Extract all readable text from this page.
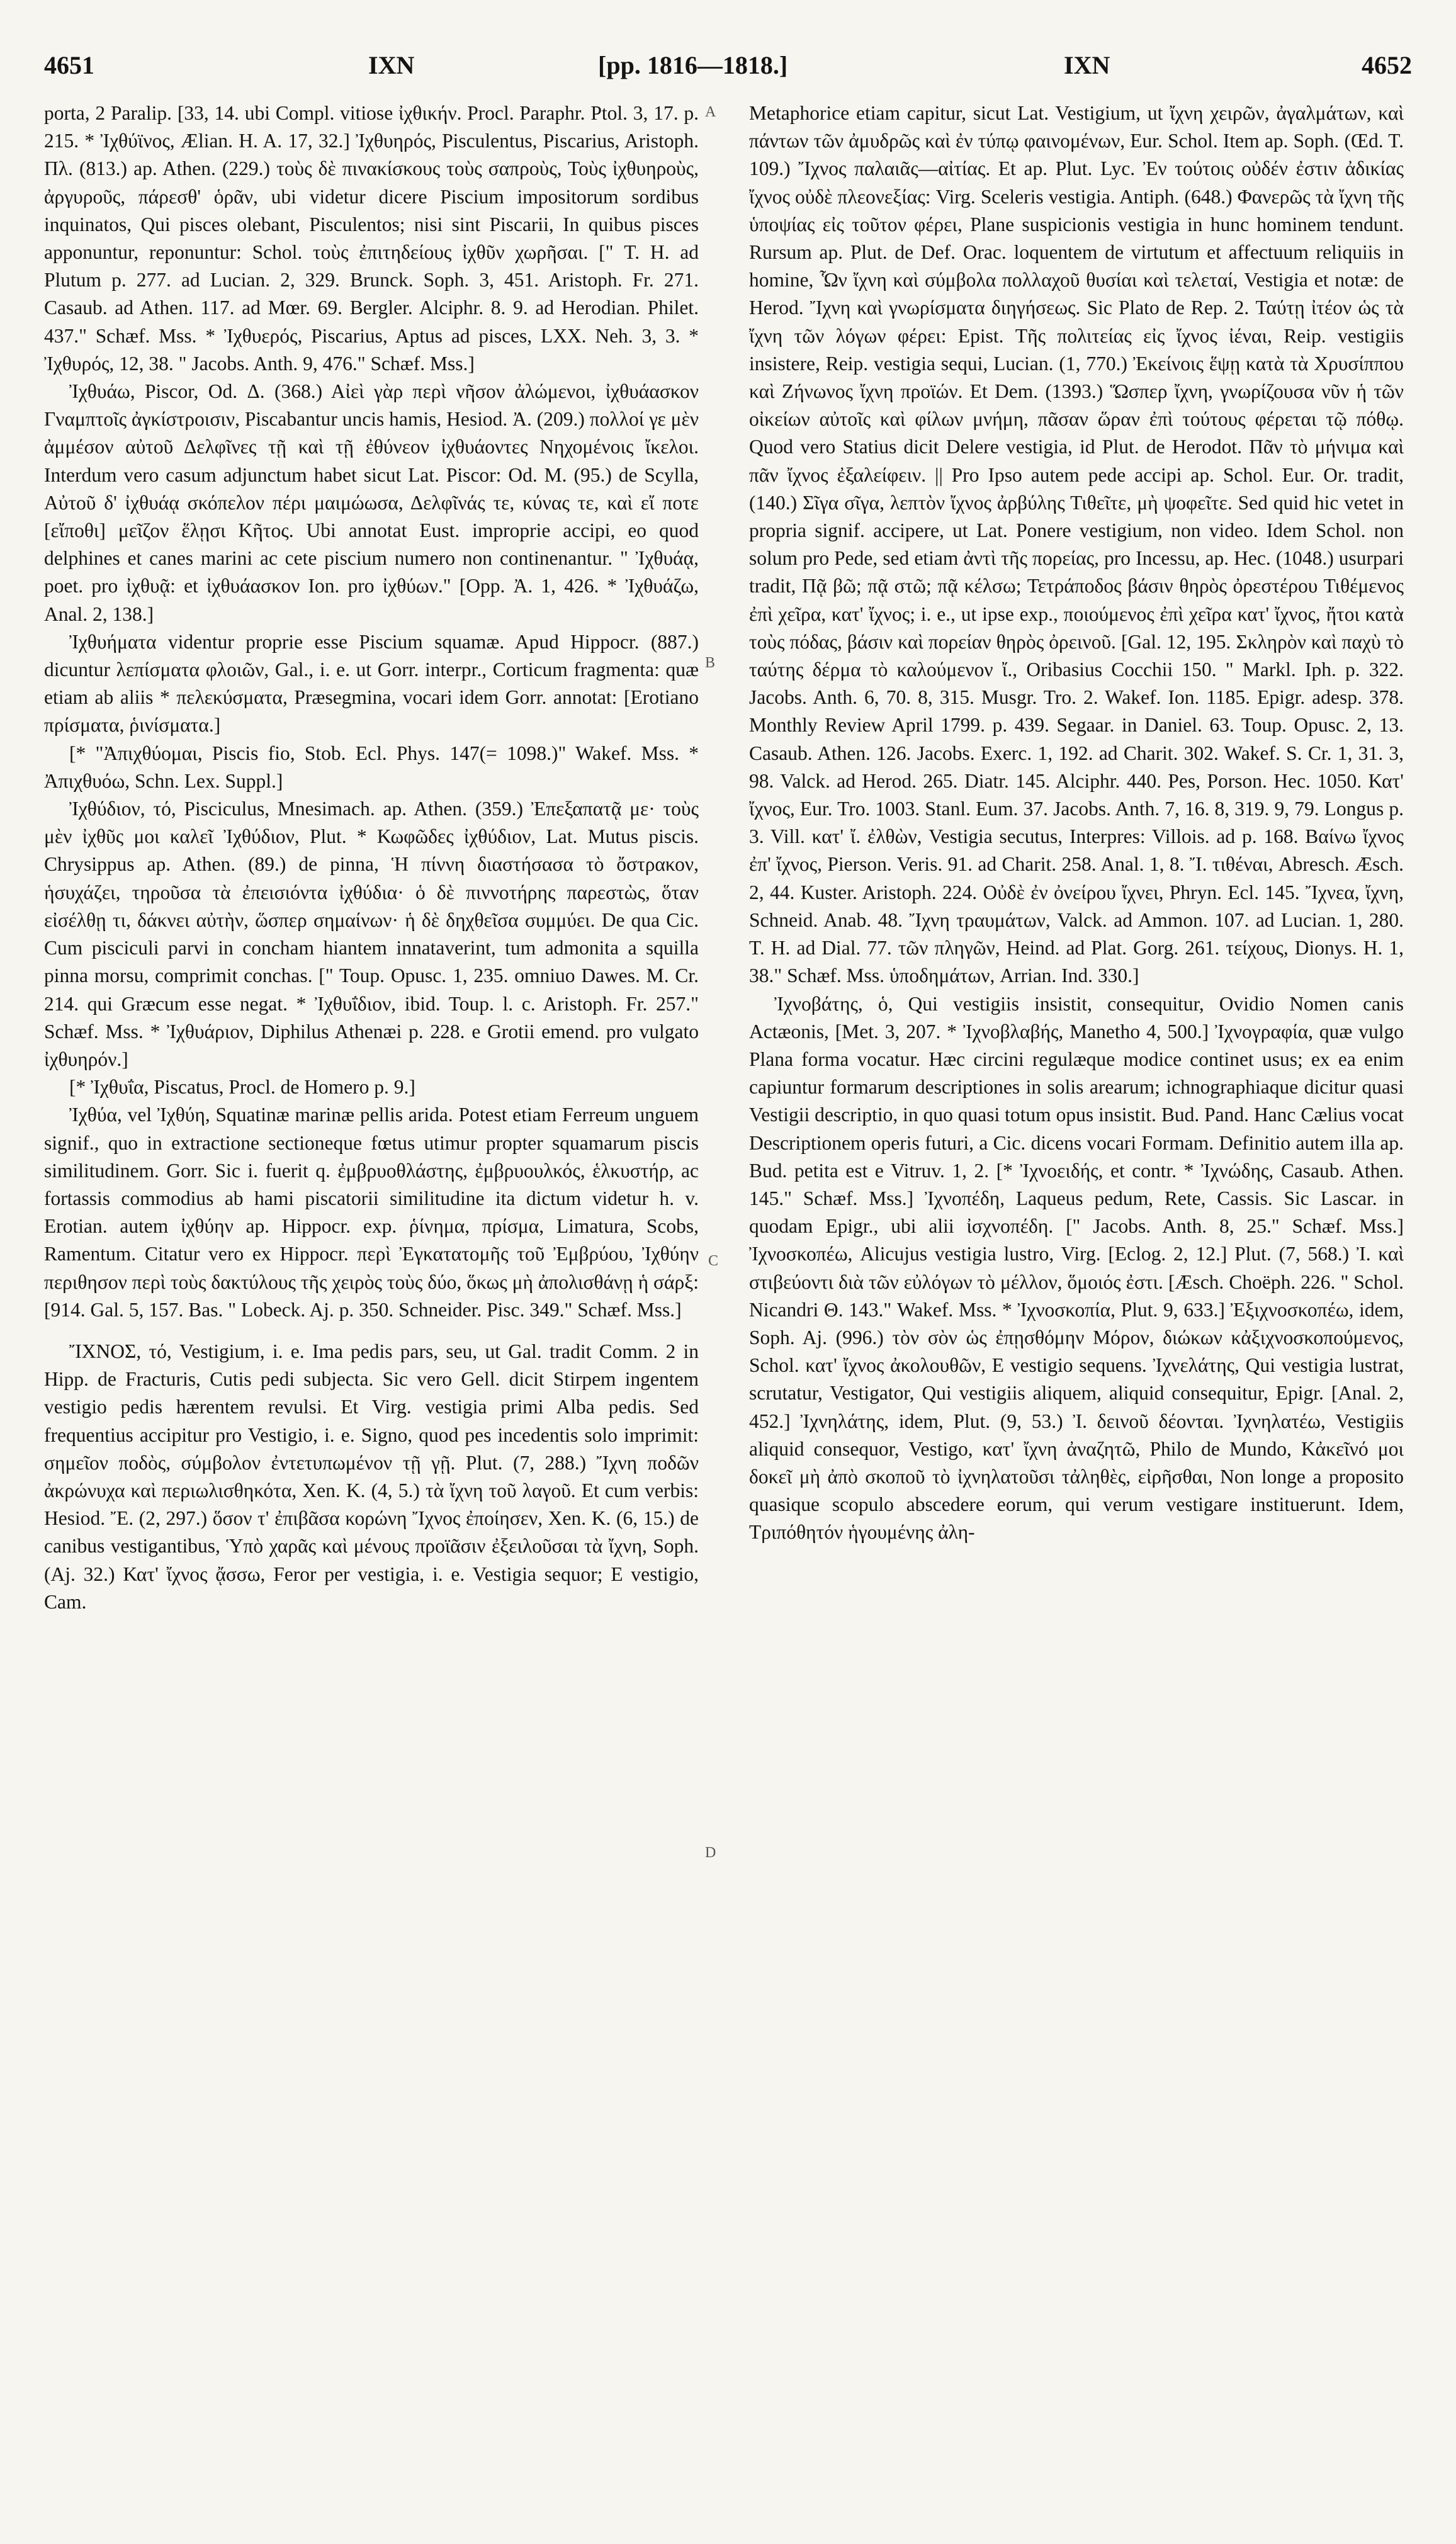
4651	ΙΧΝ	[pp. 1816—1818.]	ΙΧΝ	4652
A
B
C
D

porta, 2 Paralip. [33, 14. ubi Compl. vitiose ἰχθικήν. Procl. Paraphr. Ptol. 3, 17. p. 215. * Ἰχθύϊνος, Ælian. H. A. 17, 32.] Ἰχθυηρός, Pisculentus, Piscarius, Aristoph. Πλ. (813.) ap. Athen. (229.) τοὺς δὲ πινακίσκους τοὺς σαπροὺς, Τοὺς ἰχθυηροὺς, ἀργυροῦς, πάρεσθ' ὁρᾶν, ubi videtur dicere Piscium impositorum sordibus inquinatos, Qui pisces olebant, Pisculentos; nisi sint Piscarii, In quibus pisces apponuntur, reponuntur: Schol. τοὺς ἐπιτηδείους ἰχθῦν χωρῆσαι. [" T. H. ad Plutum p. 277. ad Lucian. 2, 329. Brunck. Soph. 3, 451. Aristoph. Fr. 271. Casaub. ad Athen. 117. ad Mœr. 69. Bergler. Alciphr. 8. 9. ad Herodian. Philet. 437." Schæf. Mss. * Ἰχθυερός, Piscarius, Aptus ad pisces, LXX. Neh. 3, 3. * Ἰχθυρός, 12, 38. " Jacobs. Anth. 9, 476." Schæf. Mss.]

Ἰχθυάω, Piscor, Od. Δ. (368.) Αἰεὶ γὰρ περὶ νῆσον ἀλώμενοι, ἰχθυάασκον Γναμπτοῖς ἀγκίστροισιν, Piscabantur uncis hamis, Hesiod. Ἀ. (209.) πολλοί γε μὲν ἀμμέσον αὐτοῦ Δελφῖνες τῇ καὶ τῇ ἐθύνεον ἰχθυάοντες Νηχομένοις ἴκελοι. Interdum vero casum adjunctum habet sicut Lat. Piscor: Od. M. (95.) de Scylla, Αὐτοῦ δ' ἰχθυάᾳ σκόπελον πέρι μαιμώωσα, Δελφῖνάς τε, κύνας τε, καὶ εἴ ποτε [εἴποθι] μεῖζον ἕλῃσι Κῆτος. Ubi annotat Eust. improprie accipi, eo quod delphines et canes marini ac cete piscium numero non continenantur. " Ἰχθυάᾳ, poet. pro ἰχθυᾷ: et ἰχθυάασκον Ion. pro ἰχθύων." [Opp. Ἀ. 1, 426. * Ἰχθυάζω, Anal. 2, 138.]

Ἰχθυήματα videntur proprie esse Piscium squamæ. Apud Hippocr. (887.) dicuntur λεπίσματα φλοιῶν, Gal., i. e. ut Gorr. interpr., Corticum fragmenta: quæ etiam ab aliis * πελεκύσματα, Præsegmina, vocari idem Gorr. annotat: [Erotiano πρίσματα, ῥινίσματα.]

[* "Ἀπιχθύομαι, Piscis fio, Stob. Ecl. Phys. 147(= 1098.)" Wakef. Mss. * Ἀπιχθυόω, Schn. Lex. Suppl.]

Ἰχθύδιον, τό, Pisciculus, Mnesimach. ap. Athen. (359.) Ἐπεξαπατᾷ με· τοὺς μὲν ἰχθῦς μοι καλεῖ Ἰχθύδιον, Plut. * Κωφῶδες ἰχθύδιον, Lat. Mutus piscis. Chrysippus ap. Athen. (89.) de pinna, Ἡ πίννη διαστήσασα τὸ ὄστρακον, ἡσυχάζει, τηροῦσα τὰ ἐπεισιόντα ἰχθύδια· ὁ δὲ πιννοτήρης παρεστὼς, ὅταν εἰσέλθῃ τι, δάκνει αὐτὴν, ὥσπερ σημαίνων· ἡ δὲ δηχθεῖσα συμμύει. De qua Cic. Cum pisciculi parvi in concham hiantem innataverint, tum admonita a squilla pinna morsu, comprimit conchas. [" Toup. Opusc. 1, 235. omniuo Dawes. M. Cr. 214. qui Græcum esse negat. * Ἰχθυΐδιον, ibid. Toup. l. c. Aristoph. Fr. 257." Schæf. Mss. * Ἰχθυάριον, Diphilus Athenæi p. 228. e Grotii emend. pro vulgato ἰχθυηρόν.]

[* Ἰχθυΐα, Piscatus, Procl. de Homero p. 9.]

Ἰχθύα, vel Ἰχθύη, Squatinæ marinæ pellis arida. Potest etiam Ferreum unguem signif., quo in extractione sectioneque fœtus utimur propter squamarum piscis similitudinem. Gorr. Sic i. fuerit q. ἐμβρυοθλάστης, ἐμβρυουλκός, ἑλκυστήρ, ac fortassis commodius ab hami piscatorii similitudine ita dictum videtur h. v. Erotian. autem ἰχθύην ap. Hippocr. exp. ῥίνημα, πρίσμα, Limatura, Scobs, Ramentum. Citatur vero ex Hippocr. περὶ Ἐγκατατομῆς τοῦ Ἐμβρύου, Ἰχθύην περιθησον περὶ τοὺς δακτύλους τῆς χειρὸς τοὺς δύο, ὅκως μὴ ἀπολισθάνῃ ἡ σάρξ: [914. Gal. 5, 157. Bas. " Lobeck. Aj. p. 350. Schneider. Pisc. 349." Schæf. Mss.]

ἼΧΝΟΣ, τό, Vestigium, i. e. Ima pedis pars, seu, ut Gal. tradit Comm. 2 in Hipp. de Fracturis, Cutis pedi subjecta. Sic vero Gell. dicit Stirpem ingentem vestigio pedis hærentem revulsi. Et Virg. vestigia primi Alba pedis. Sed frequentius accipitur pro Vestigio, i. e. Signo, quod pes incedentis solo imprimit: σημεῖον ποδὸς, σύμβολον ἐντετυπωμένον τῇ γῇ. Plut. (7, 288.) Ἴχνη ποδῶν ἀκρώνυχα καὶ περιωλισθηκότα, Xen. K. (4, 5.) τὰ ἴχνη τοῦ λαγοῦ. Et cum verbis: Hesiod. Ἔ. (2, 297.) ὅσον τ' ἐπιβᾶσα κορώνη Ἴχνος ἐποίησεν, Xen. K. (6, 15.) de canibus vestigantibus, Ὑπὸ χαρᾶς καὶ μένους προϊᾶσιν ἐξειλοῦσαι τὰ ἴχνη, Soph. (Aj. 32.) Κατ' ἴχνος ᾄσσω, Feror per vestigia, i. e. Vestigia sequor; E vestigio, Cam.

Metaphorice etiam capitur, sicut Lat. Vestigium, ut ἴχνη χειρῶν, ἀγαλμάτων, καὶ πάντων τῶν ἀμυδρῶς καὶ ἐν τύπῳ φαινομένων, Eur. Schol. Item ap. Soph. (Œd. T. 109.) Ἴχνος παλαιᾶς—αἰτίας. Et ap. Plut. Lyc. Ἐν τούτοις οὐδέν ἐστιν ἀδικίας ἴχνος οὐδὲ πλεονεξίας: Virg. Sceleris vestigia. Antiph. (648.) Φανερῶς τὰ ἴχνη τῆς ὑποψίας εἰς τοῦτον φέρει, Plane suspicionis vestigia in hunc hominem tendunt. Rursum ap. Plut. de Def. Orac. loquentem de virtutum et affectuum reliquiis in homine, Ὧν ἴχνη καὶ σύμβολα πολλαχοῦ θυσίαι καὶ τελεταί, Vestigia et notæ: de Herod. Ἴχνη καὶ γνωρίσματα διηγήσεως. Sic Plato de Rep. 2. Ταύτῃ ἰτέον ὡς τὰ ἴχνη τῶν λόγων φέρει: Epist. Τῆς πολιτείας εἰς ἴχνος ἰέναι, Reip. vestigiis insistere, Reip. vestigia sequi, Lucian. (1, 770.) Ἐκείνοις ἕψῃ κατὰ τὰ Χρυσίππου καὶ Ζήνωνος ἴχνη προϊών. Et Dem. (1393.) Ὥσπερ ἴχνη, γνωρίζουσα νῦν ἡ τῶν οἰκείων αὐτοῖς καὶ φίλων μνήμη, πᾶσαν ὥραν ἐπὶ τούτους φέρεται τῷ πόθῳ. Quod vero Statius dicit Delere vestigia, id Plut. de Herodot. Πᾶν τὸ μήνιμα καὶ πᾶν ἴχνος ἐξαλείφειν. || Pro Ipso autem pede accipi ap. Schol. Eur. Or. tradit, (140.) Σῖγα σῖγα, λεπτὸν ἴχνος ἀρβύλης Τιθεῖτε, μὴ ψοφεῖτε. Sed quid hic vetet in propria signif. accipere, ut Lat. Ponere vestigium, non video. Idem Schol. non solum pro Pede, sed etiam ἀντὶ τῆς πορείας, pro Incessu, ap. Hec. (1048.) usurpari tradit, Πᾷ βῶ; πᾷ στῶ; πᾷ κέλσω; Τετράποδος βάσιν θηρὸς ὀρεστέρου Τιθέμενος ἐπὶ χεῖρα, κατ' ἴχνος; i. e., ut ipse exp., ποιούμενος ἐπὶ χεῖρα κατ' ἴχνος, ἤτοι κατὰ τοὺς πόδας, βάσιν καὶ πορείαν θηρὸς ὀρεινοῦ. [Gal. 12, 195. Σκληρὸν καὶ παχὺ τὸ ταύτης δέρμα τὸ καλούμενον ἴ., Oribasius Cocchii 150. " Markl. Iph. p. 322. Jacobs. Anth. 6, 70. 8, 315. Musgr. Tro. 2. Wakef. Ion. 1185. Epigr. adesp. 378. Monthly Review April 1799. p. 439. Segaar. in Daniel. 63. Toup. Opusc. 2, 13. Casaub. Athen. 126. Jacobs. Exerc. 1, 192. ad Charit. 302. Wakef. S. Cr. 1, 31. 3, 98. Valck. ad Herod. 265. Diatr. 145. Alciphr. 440. Pes, Porson. Hec. 1050. Κατ' ἴχνος, Eur. Tro. 1003. Stanl. Eum. 37. Jacobs. Anth. 7, 16. 8, 319. 9, 79. Longus p. 3. Vill. κατ' ἴ. ἐλθὼν, Vestigia secutus, Interpres: Villois. ad p. 168. Βαίνω ἴχνος ἐπ' ἴχνος, Pierson. Veris. 91. ad Charit. 258. Anal. 1, 8. Ἴ. τιθέναι, Abresch. Æsch. 2, 44. Kuster. Aristoph. 224. Οὐδὲ ἐν ὀνείρου ἴχνει, Phryn. Ecl. 145. Ἴχνεα, ἴχνη, Schneid. Anab. 48. Ἴχνη τραυμάτων, Valck. ad Ammon. 107. ad Lucian. 1, 280. T. H. ad Dial. 77. τῶν πληγῶν, Heind. ad Plat. Gorg. 261. τείχους, Dionys. H. 1, 38." Schæf. Mss. ὑποδημάτων, Arrian. Ind. 330.]

Ἰχνοβάτης, ὁ, Qui vestigiis insistit, consequitur, Ovidio Nomen canis Actæonis, [Met. 3, 207. * Ἰχνοβλαβής, Manetho 4, 500.] Ἰχνογραφία, quæ vulgo Plana forma vocatur. Hæc circini regulæque modice continet usus; ex ea enim capiuntur formarum descriptiones in solis arearum; ichnographiaque dicitur quasi Vestigii descriptio, in quo quasi totum opus insistit. Bud. Pand. Hanc Cælius vocat Descriptionem operis futuri, a Cic. dicens vocari Formam. Definitio autem illa ap. Bud. petita est e Vitruv. 1, 2. [* Ἰχνοειδής, et contr. * Ἰχνώδης, Casaub. Athen. 145." Schæf. Mss.] Ἰχνοπέδη, Laqueus pedum, Rete, Cassis. Sic Lascar. in quodam Epigr., ubi alii ἰσχνοπέδη. [" Jacobs. Anth. 8, 25." Schæf. Mss.] Ἰχνοσκοπέω, Alicujus vestigia lustro, Virg. [Eclog. 2, 12.] Plut. (7, 568.) Ἰ. καὶ στιβεύοντι διὰ τῶν εὐλόγων τὸ μέλλον, ὅμοιός ἐστι. [Æsch. Choëph. 226. " Schol. Nicandri Θ. 143." Wakef. Mss. * Ἰχνοσκοπία, Plut. 9, 633.] Ἐξιχνοσκοπέω, idem, Soph. Aj. (996.) τὸν σὸν ὡς ἐπῃσθόμην Μόρον, διώκων κἀξιχνοσκοπούμενος, Schol. κατ' ἴχνος ἀκολουθῶν, E vestigio sequens. Ἰχνελάτης, Qui vestigia lustrat, scrutatur, Vestigator, Qui vestigiis aliquem, aliquid consequitur, Epigr. [Anal. 2, 452.] Ἰχνηλάτης, idem, Plut. (9, 53.) Ἰ. δεινοῦ δέονται. Ἰχνηλατέω, Vestigiis aliquid consequor, Vestigo, κατ' ἴχνη ἀναζητῶ, Philo de Mundo, Κἀκεῖνό μοι δοκεῖ μὴ ἀπὸ σκοποῦ τὸ ἰχνηλατοῦσι τἀληθὲς, εἰρῆσθαι, Non longe a proposito quasique scopulo abscedere eorum, qui verum vestigare instituerunt. Idem, Τριπόθητόν ἡγουμένης ἀλη-
